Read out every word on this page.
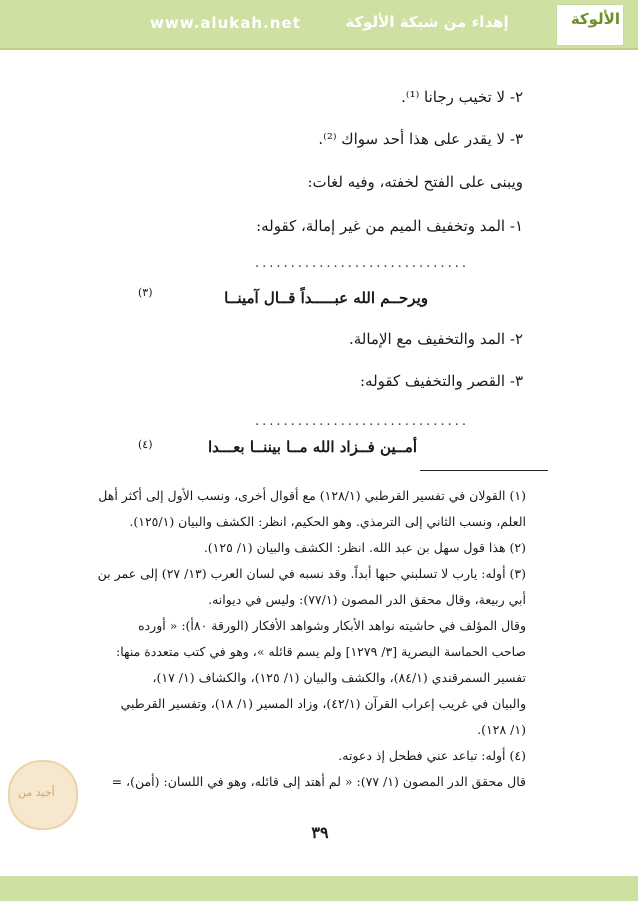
www.alukah.net	إهداء من شبكة الألوكة	الألوكة
٢- لا تخيب رجانا ⁽¹⁾.
٣- لا يقدر على هذا أحد سواك ⁽²⁾.
ويبنى على الفتح لخفته، وفيه لغات:
١- المد وتخفيف الميم من غير إمالة، كقوله:
..............................
ويرحــم الله عبـــــداً قــال آمينــا
(٣)
٢- المد والتخفيف مع الإمالة.
٣- القصر والتخفيف كقوله:
..............................
أمــين فــزاد الله مــا بيننــا بعـــدا
(٤)
(١) القولان في تفسير القرطبي (١٢٨/١) مع أقوال أخرى، ونسب الأول إلى أكثر أهل
العلم، ونسب الثاني إلى الترمذي. وهو الحكيم، انظر: الكشف والبيان (١٢٥/١).
(٢) هذا قول سهل بن عبد الله. انظر: الكشف والبيان (١/ ١٢٥).
(٣) أوله: يارب لا تسلبني حبها أبداً. وقد نسبه في لسان العرب (١٣/ ٢٧) إلى عمر بن
أبي ربيعة، وقال محقق الدر المصون (٧٧/١): وليس في ديوانه.
وقال المؤلف في حاشيته نواهد الأبكار وشواهد الأفكار (الورقة ٨٠أ): « أورده
صاحب الحماسة البصرية [٣/ ١٢٧٩] ولم يسم قائله »، وهو في كتب متعددة منها:
تفسير السمرقندي (٨٤/١)، والكشف والبيان (١/ ١٢٥)، والكشاف (١/ ١٧)،
والبيان في غريب إعراب القرآن (٤٢/١)، وزاد المسير (١/ ١٨)، وتفسير القرطبي
(١/ ١٢٨).
(٤) أوله: تباعد عني فطحل إذ دعوته.
قال محقق الدر المصون (١/ ٧٧): « لم أهتد إلى قائله، وهو في اللسان: (أمن)، =
أجيد من
٣٩
